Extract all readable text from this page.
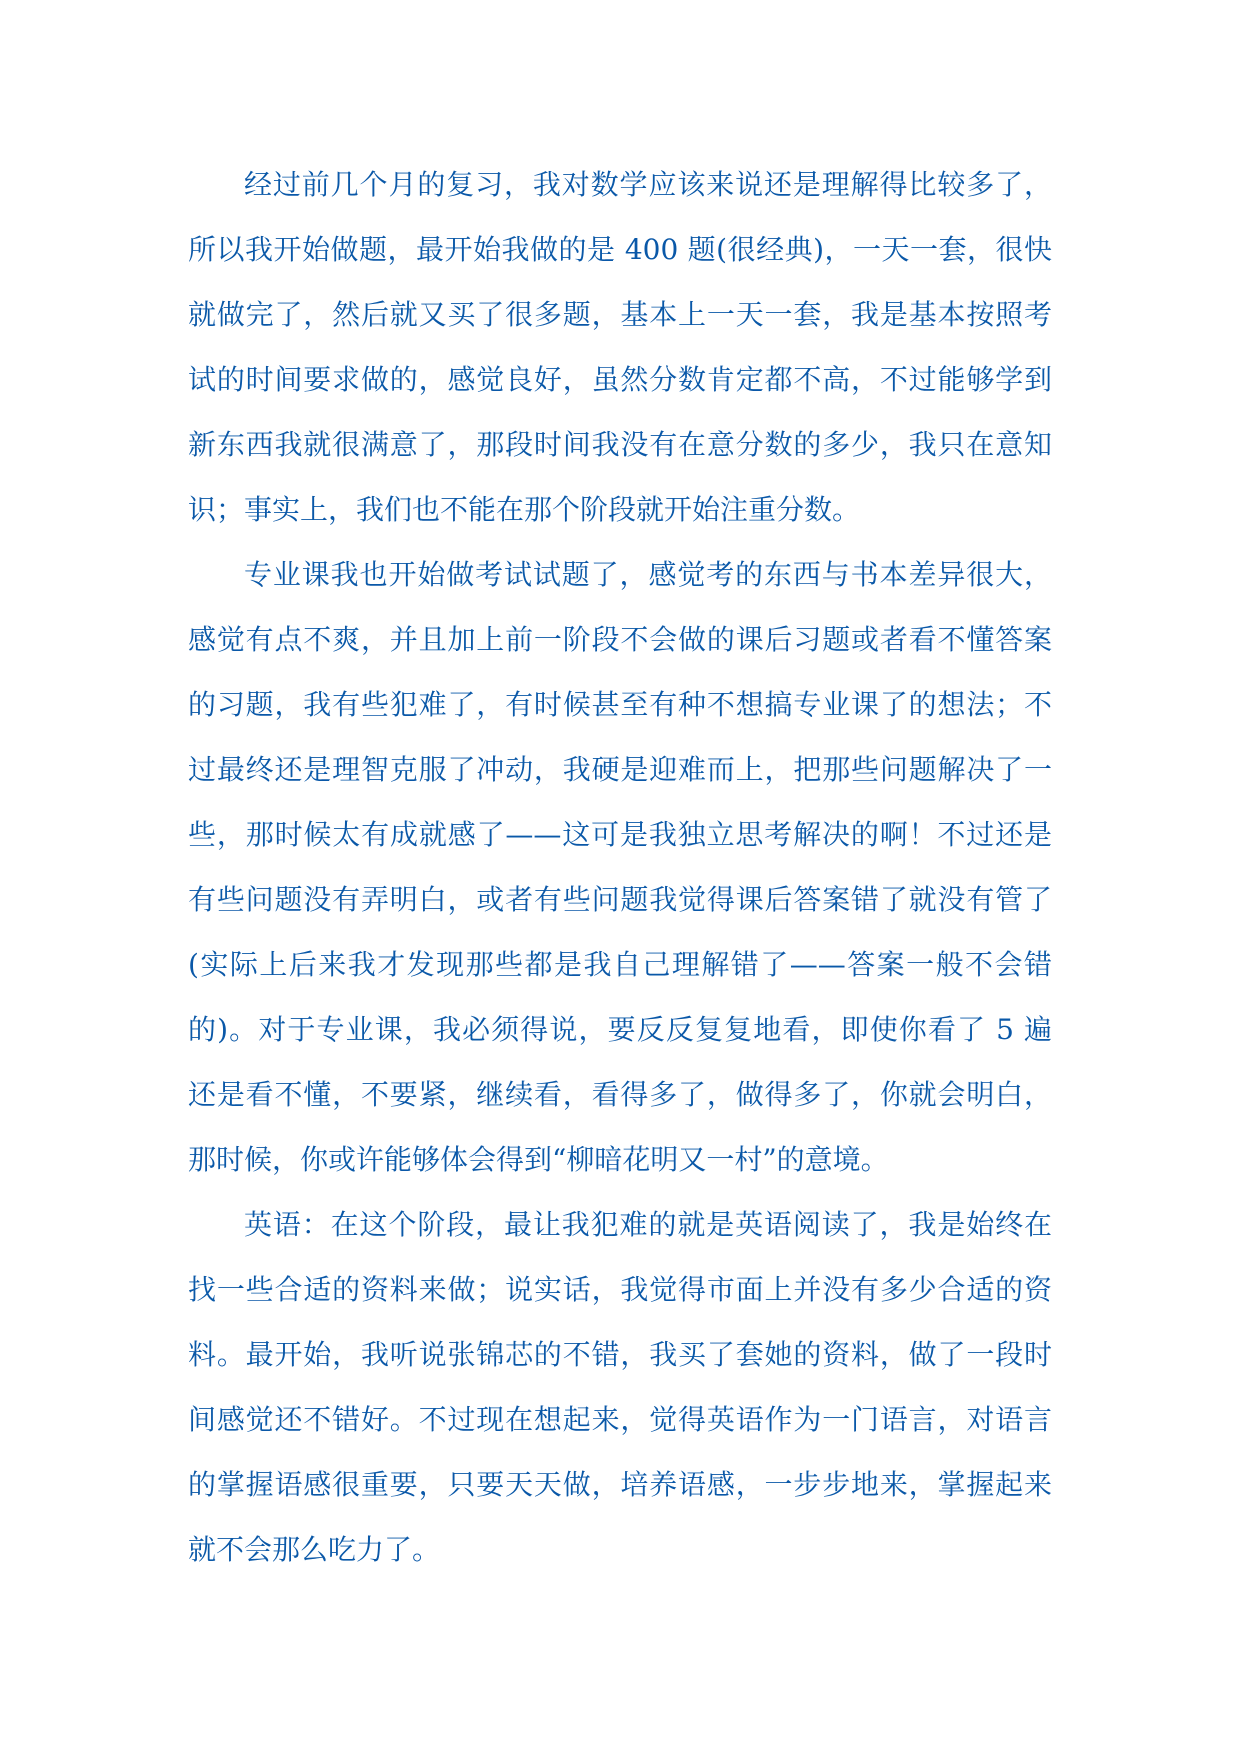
经过前几个月的复习，我对数学应该来说还是理解得比较多了，
所以我开始做题，最开始我做的是 400 题(很经典)，一天一套，很快
就做完了，然后就又买了很多题，基本上一天一套，我是基本按照考
试的时间要求做的，感觉良好，虽然分数肯定都不高，不过能够学到
新东西我就很满意了，那段时间我没有在意分数的多少，我只在意知
识；事实上，我们也不能在那个阶段就开始注重分数。
专业课我也开始做考试试题了，感觉考的东西与书本差异很大，
感觉有点不爽，并且加上前一阶段不会做的课后习题或者看不懂答案
的习题，我有些犯难了，有时候甚至有种不想搞专业课了的想法；不
过最终还是理智克服了冲动，我硬是迎难而上，把那些问题解决了一
些，那时候太有成就感了——这可是我独立思考解决的啊！不过还是
有些问题没有弄明白，或者有些问题我觉得课后答案错了就没有管了
(实际上后来我才发现那些都是我自己理解错了——答案一般不会错
的)。对于专业课，我必须得说，要反反复复地看，即使你看了 5 遍
还是看不懂，不要紧，继续看，看得多了，做得多了，你就会明白，
那时候，你或许能够体会得到“柳暗花明又一村”的意境。
英语：在这个阶段，最让我犯难的就是英语阅读了，我是始终在
找一些合适的资料来做；说实话，我觉得市面上并没有多少合适的资
料。最开始，我听说张锦芯的不错，我买了套她的资料，做了一段时
间感觉还不错好。不过现在想起来，觉得英语作为一门语言，对语言
的掌握语感很重要，只要天天做，培养语感，一步步地来，掌握起来
就不会那么吃力了。
